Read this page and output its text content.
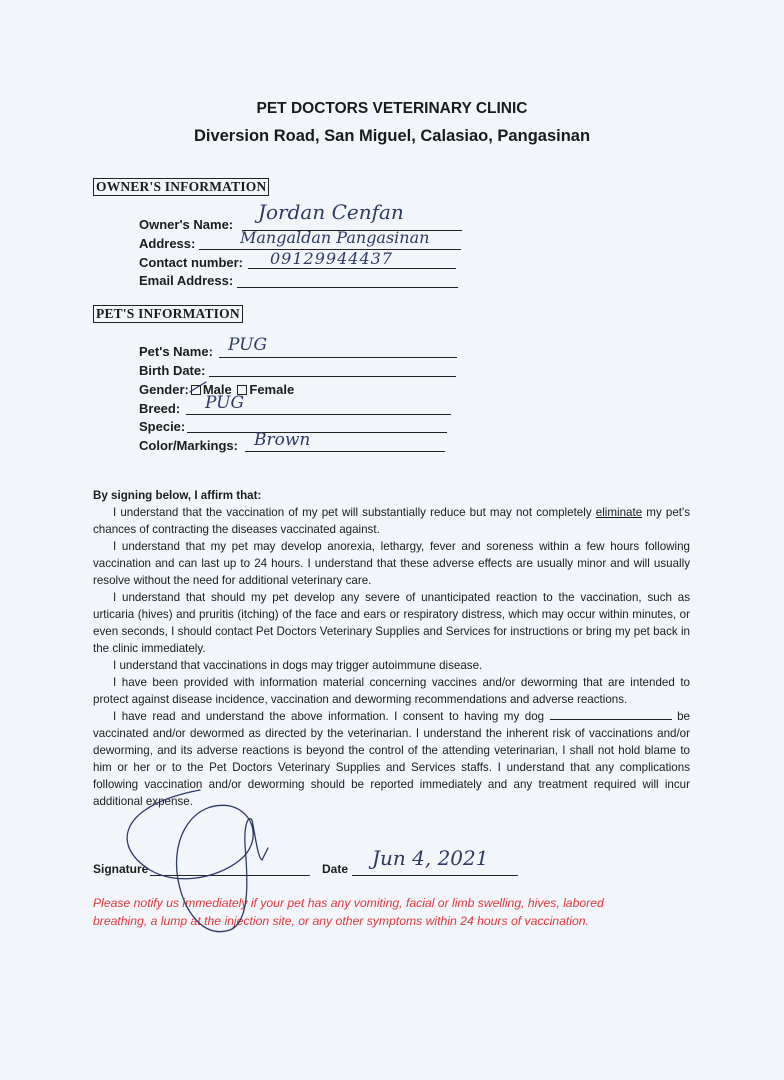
PET DOCTORS VETERINARY CLINIC
Diversion Road, San Miguel, Calasiao, Pangasinan
OWNER'S INFORMATION
Owner's Name:
Jordan Cenfan
Address:	Mangaldan Pangasinan
Contact number: 09129944437
Email Address:
PET'S INFORMATION
Pet's Name: PUG
Birth Date:
Gender: Male Female
Breed: PUG
Specie:
Color/Markings: Brown

By signing below, I affirm that:

I understand that the vaccination of my pet will substantially reduce but may not completely eliminate my pet's chances of contracting the diseases vaccinated against.

I understand that my pet may develop anorexia, lethargy, fever and soreness within a few hours following vaccination and can last up to 24 hours. I understand that these adverse effects are usually minor and will usually resolve without the need for additional veterinary care.

I understand that should my pet develop any severe of unanticipated reaction to the vaccination, such as urticaria (hives) and pruritis (itching) of the face and ears or respiratory distress, which may occur within minutes, or even seconds, I should contact Pet Doctors Veterinary Supplies and Services for instructions or bring my pet back in the clinic immediately.

I understand that vaccinations in dogs may trigger autoimmune disease.

I have been provided with information material concerning vaccines and/or deworming that are intended to protect against disease incidence, vaccination and deworming recommendations and adverse reactions.

I have read and understand the above information. I consent to having my dog	be vaccinated and/or dewormed as directed by the veterinarian. I understand the inherent risk of vaccinations and/or deworming, and its adverse reactions is beyond the control of the attending veterinarian, I shall not hold blame to him or her or to the Pet Doctors Veterinary Supplies and Services staffs. I understand that any complications following vaccination and/or deworming should be reported immediately and any treatment required will incur additional expense.

Signature	Date Jun 4, 2021
Please notify us immediately if your pet has any vomiting, facial or limb swelling, hives, labored breathing, a lump at the injection site, or any other symptoms within 24 hours of vaccination.
